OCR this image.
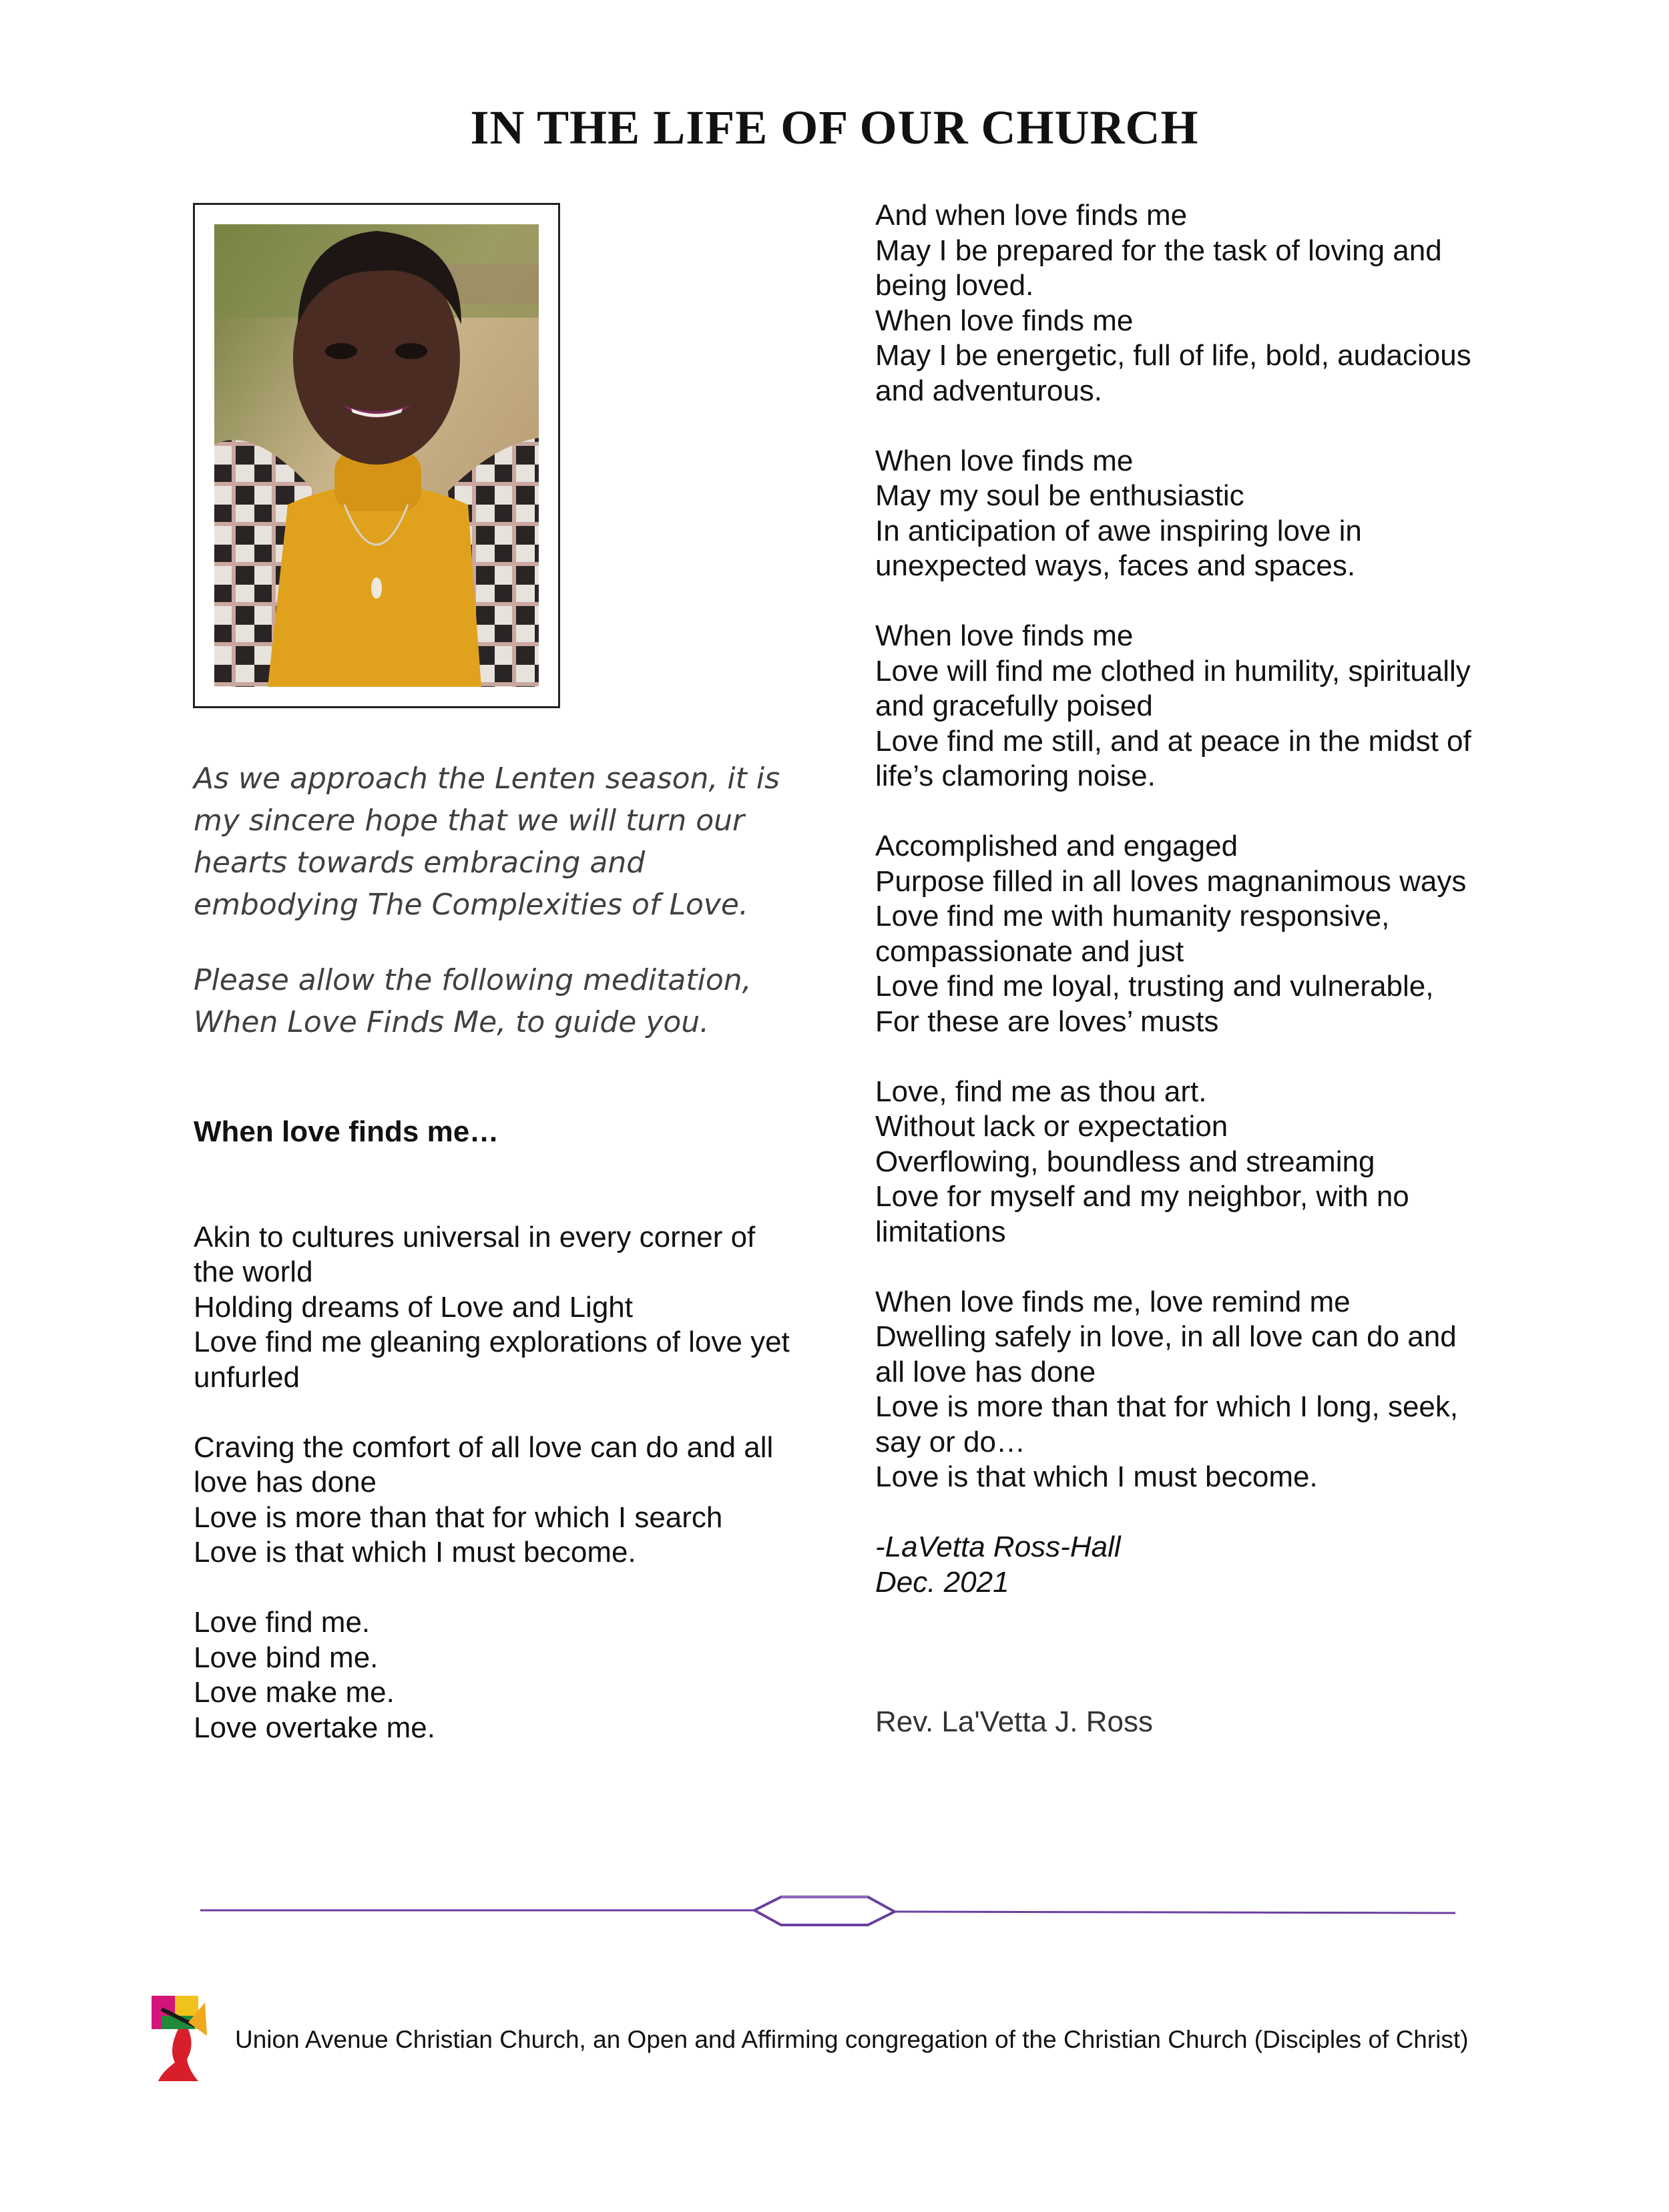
IN THE LIFE OF OUR CHURCH

As we approach the Lenten season, it is my sincere hope that we will turn our hearts towards embracing and embodying The Complexities of Love.

Please allow the following meditation, When Love Finds Me, to guide you.

When love finds me…
Akin to cultures universal in every corner of the world
Holding dreams of Love and Light
Love find me gleaning explorations of love yet unfurled
Craving the comfort of all love can do and all love has done
Love is more than that for which I search
Love is that which I must become.
Love find me.
Love bind me.
Love make me.
Love overtake me.
And when love finds me
May I be prepared for the task of loving and being loved.
When love finds me
May I be energetic, full of life, bold, audacious and adventurous.
When love finds me
May my soul be enthusiastic
In anticipation of awe inspiring love in unexpected ways, faces and spaces.
When love finds me
Love will find me clothed in humility, spiritually and gracefully poised
Love find me still, and at peace in the midst of life’s clamoring noise.
Accomplished and engaged
Purpose filled in all loves magnanimous ways
Love find me with humanity responsive, compassionate and just
Love find me loyal, trusting and vulnerable,
For these are loves’ musts
Love, find me as thou art.
Without lack or expectation
Overflowing, boundless and streaming
Love for myself and my neighbor, with no limitations
When love finds me, love remind me
Dwelling safely in love, in all love can do and all love has done
Love is more than that for which I long, seek, say or do…
Love is that which I must become.
-LaVetta Ross-Hall
Dec. 2021

Rev. La'Vetta J. Ross

Union Avenue Christian Church, an Open and Affirming congregation of the Christian Church (Disciples of Christ)
